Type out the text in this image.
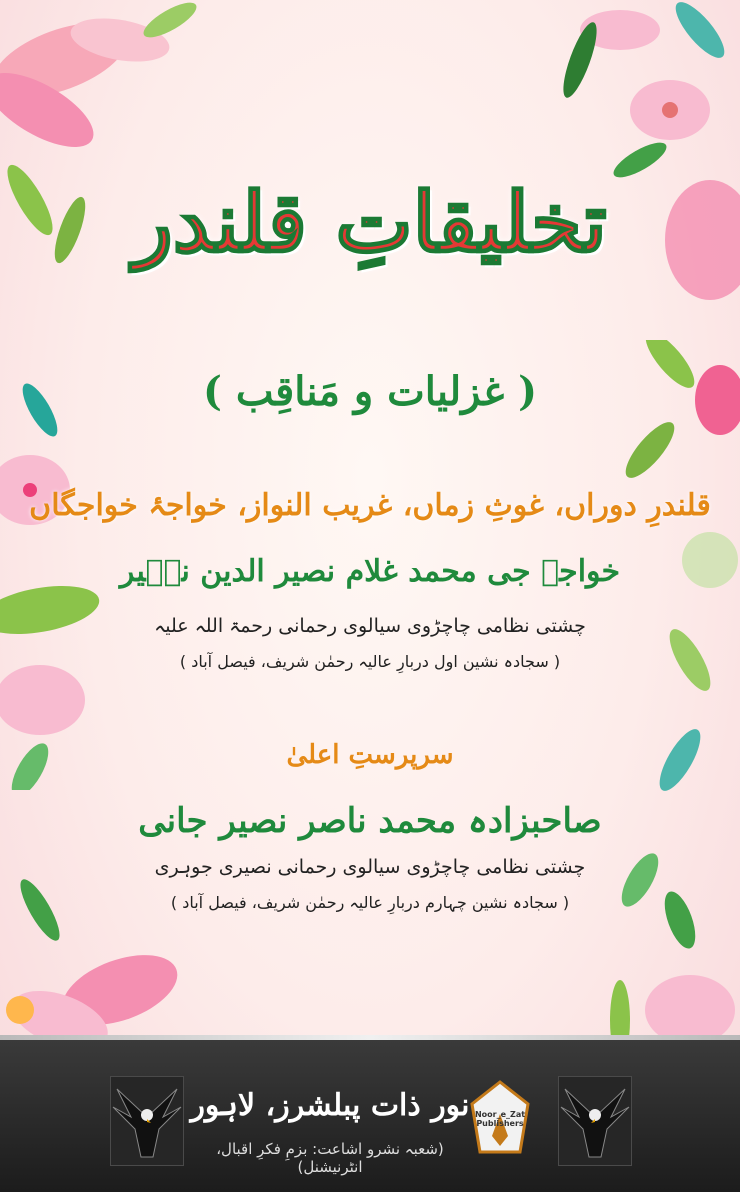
تخلیقاتِ قلندر
( غزلیات و مَناقِب )
قلندرِ دوراں، غوثِ زماں، غریب النواز، خواجۂ خواجگاں
خواجہ جی محمد غلام نصیر الدین نصؔیر
چشتی نظامی چاچڑوی سیالوی رحمانی رحمۃ اللہ علیہ
( سجادہ نشین اول دربارِ عالیہ رحمٰن شریف، فیصل آباد )
سرپرستِ اعلیٰ
صاحبزادہ محمد ناصر نصیر جانی
چشتی نظامی چاچڑوی سیالوی رحمانی نصیری جوہری
( سجادہ نشین چہارم دربارِ عالیہ رحمٰن شریف، فیصل آباد )
Noor_e_Zat Publishers
نور ذات پبلشرز، لاہور
(شعبہ نشرو اشاعت: بزمِ فکرِ اقبال، انٹرنیشنل)
